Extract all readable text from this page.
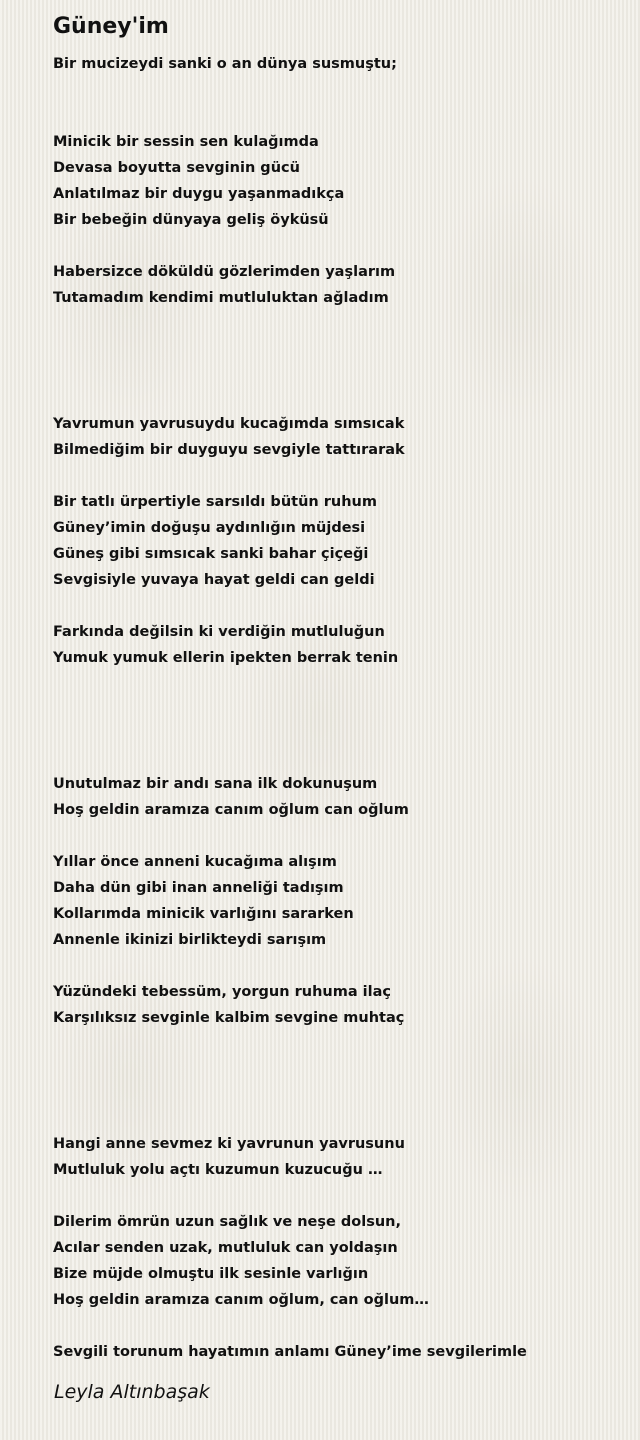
Güney'im

Bir mucizeydi sanki o an dünya susmuştu;

Minicik bir sessin sen kulağımda

Devasa boyutta sevginin gücü

Anlatılmaz bir duygu yaşanmadıkça

Bir bebeğin dünyaya geliş öyküsü

Habersizce döküldü gözlerimden yaşlarım

Tutamadım kendimi mutluluktan ağladım

Yavrumun yavrusuydu kucağımda sımsıcak

Bilmediğim bir duyguyu sevgiyle tattırarak

Bir tatlı ürpertiyle sarsıldı bütün ruhum

Güney’imin doğuşu aydınlığın müjdesi

Güneş gibi sımsıcak sanki bahar çiçeği

Sevgisiyle yuvaya hayat geldi can geldi

Farkında değilsin ki verdiğin mutluluğun

Yumuk yumuk ellerin ipekten berrak tenin

Unutulmaz bir andı sana ilk dokunuşum

Hoş geldin aramıza canım oğlum can oğlum

Yıllar önce anneni kucağıma alışım

Daha dün gibi inan anneliği tadışım

Kollarımda minicik varlığını sararken

Annenle ikinizi birlikteydi sarışım

Yüzündeki tebessüm, yorgun ruhuma ilaç

Karşılıksız sevginle kalbim sevgine muhtaç

Hangi anne sevmez ki yavrunun yavrusunu

Mutluluk yolu açtı kuzumun kuzucuğu …

Dilerim ömrün uzun sağlık ve neşe dolsun,

Acılar senden uzak, mutluluk can yoldaşın

Bize müjde olmuştu ilk sesinle varlığın

Hoş geldin aramıza canım oğlum, can oğlum…

Sevgili torunum hayatımın anlamı Güney’ime sevgilerimle

Leyla Altınbaşak
